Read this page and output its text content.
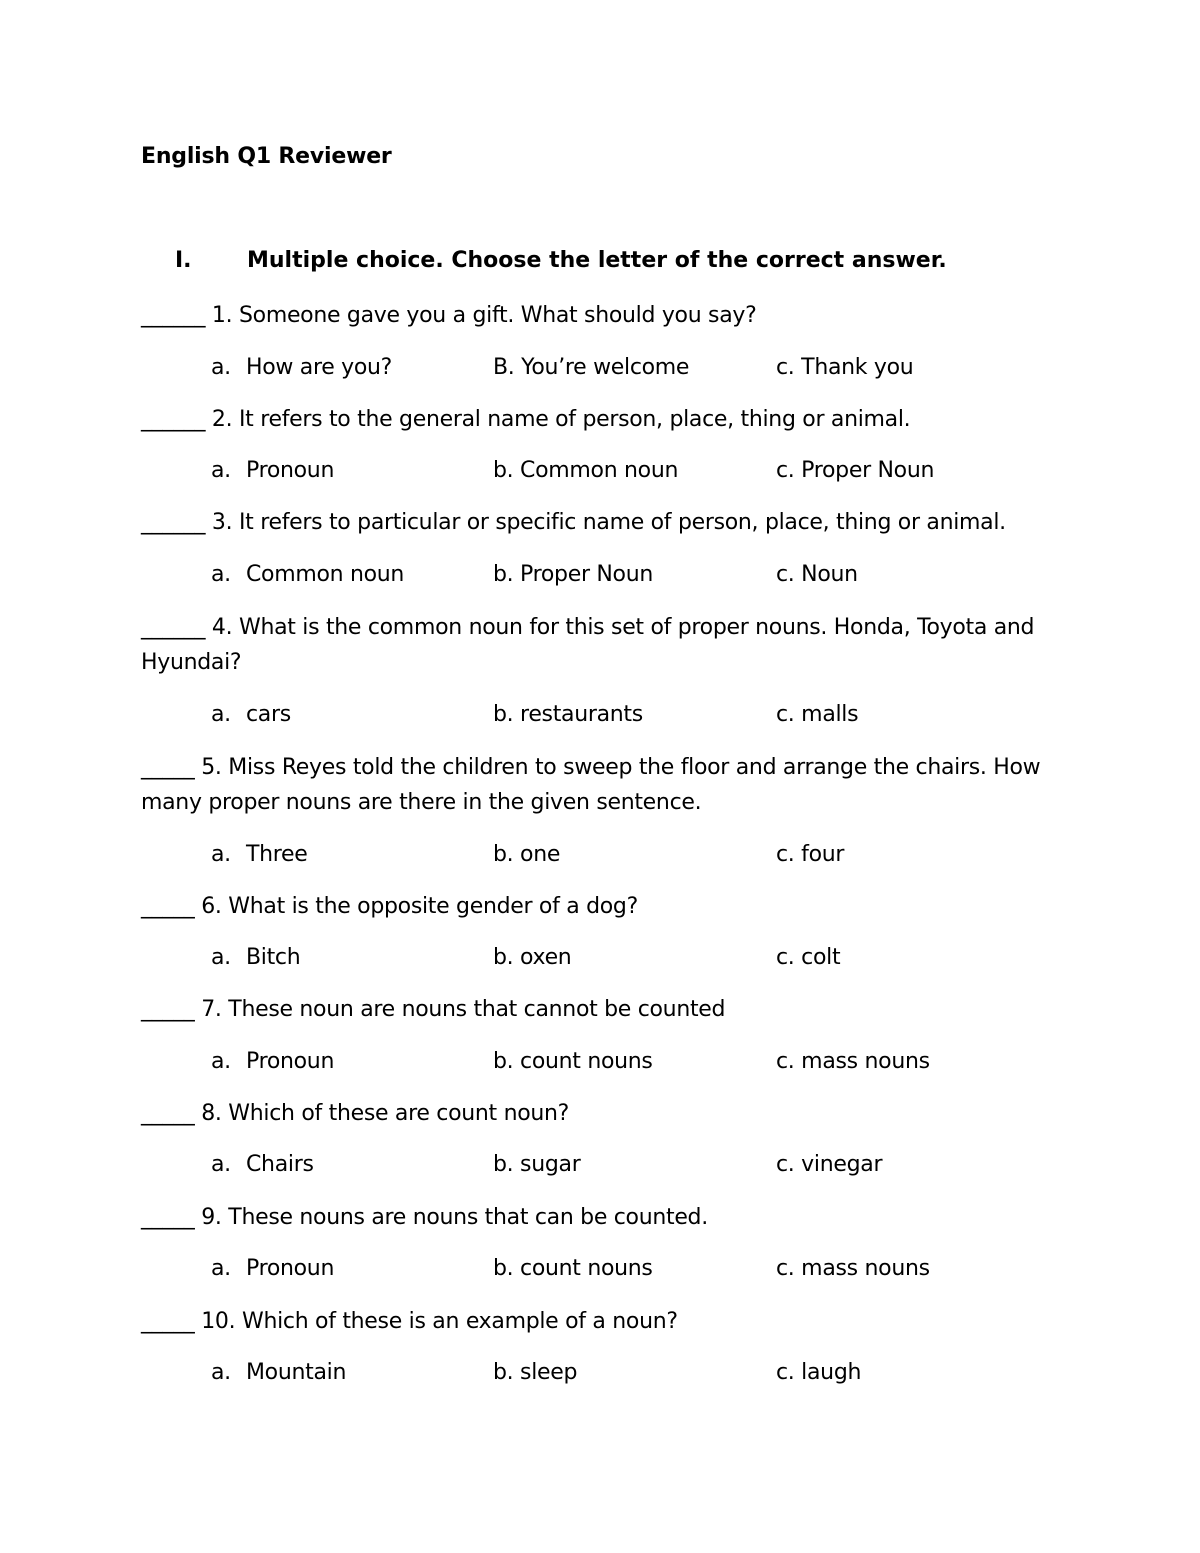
English Q1 Reviewer
I.	Multiple choice. Choose the letter of the correct answer.
______ 1. Someone gave you a gift. What should you say?
a. How are you?	B. You’re welcome	c. Thank you
______ 2. It refers to the general name of person, place, thing or animal.
a. Pronoun	b. Common noun	c. Proper Noun
______ 3. It refers to particular or specific name of person, place, thing or animal.
a. Common noun	b. Proper Noun	c. Noun
______ 4. What is the common noun for this set of proper nouns. Honda, Toyota and Hyundai?
a. cars	b. restaurants	c. malls
_____ 5. Miss Reyes told the children to sweep the floor and arrange the chairs. How many proper nouns are there in the given sentence.
a. Three	b. one	c. four
_____ 6. What is the opposite gender of a dog?
a. Bitch	b. oxen	c. colt
_____ 7. These noun are nouns that cannot be counted
a. Pronoun	b. count nouns	c. mass nouns
_____ 8. Which of these are count noun?
a. Chairs	b. sugar	c. vinegar
_____ 9. These nouns are nouns that can be counted.
a. Pronoun	b. count nouns	c. mass nouns
_____ 10. Which of these is an example of a noun?
a. Mountain	b. sleep	c. laugh
